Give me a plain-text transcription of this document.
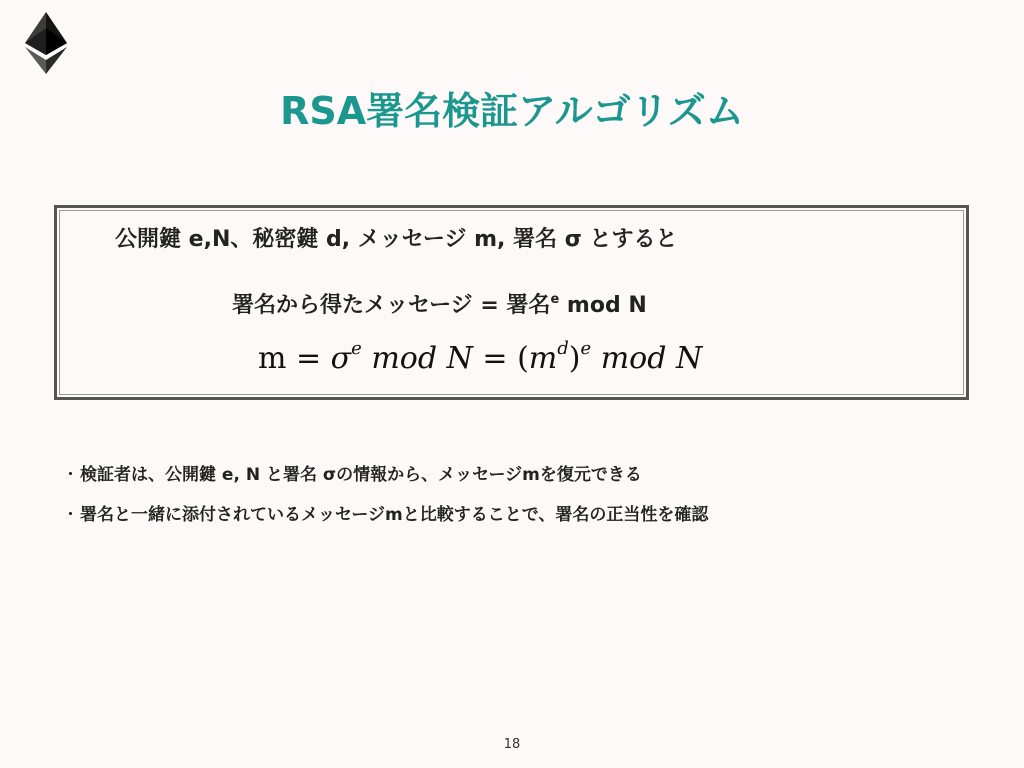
RSA署名検証アルゴリズム
公開鍵 e,N、秘密鍵 d, メッセージ m, 署名 σ とすると
署名から得たメッセージ = 署名$^e$ mod N
$m = \sigma^e$ mod $N = (m^d)^e$ mod N
・検証者は、公開鍵 e, N と署名 σの情報から、メッセージmを復元できる
・署名と一緒に添付されているメッセージmと比較することで、署名の正当性を確認
18
